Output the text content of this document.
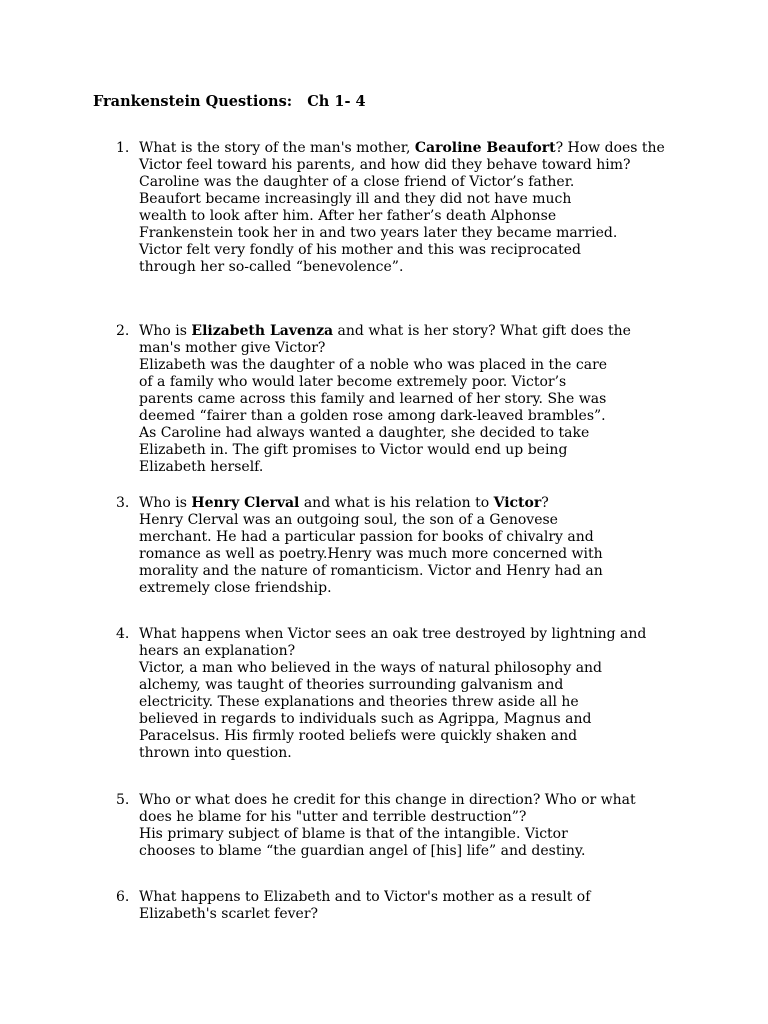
Frankenstein Questions:   Ch 1- 4
1. What is the story of the man's mother, Caroline Beaufort? How does the Victor feel toward his parents, and how did they behave toward him?
Caroline was the daughter of a close friend of Victor’s father.
Beaufort became increasingly ill and they did not have much
wealth to look after him. After her father’s death Alphonse
Frankenstein took her in and two years later they became married.
Victor felt very fondly of his mother and this was reciprocated
through her so-called “benevolence”.
2. Who is Elizabeth Lavenza and what is her story? What gift does the man's mother give Victor?
Elizabeth was the daughter of a noble who was placed in the care
of a family who would later become extremely poor. Victor’s
parents came across this family and learned of her story. She was
deemed “fairer than a golden rose among dark-leaved brambles”.
As Caroline had always wanted a daughter, she decided to take
Elizabeth in. The gift promises to Victor would end up being
Elizabeth herself.
3. Who is Henry Clerval and what is his relation to Victor?
Henry Clerval was an outgoing soul, the son of a Genovese
merchant. He had a particular passion for books of chivalry and
romance as well as poetry.Henry was much more concerned with
morality and the nature of romanticism. Victor and Henry had an
extremely close friendship.
4. What happens when Victor sees an oak tree destroyed by lightning and hears an explanation?
Victor, a man who believed in the ways of natural philosophy and
alchemy, was taught of theories surrounding galvanism and
electricity. These explanations and theories threw aside all he
believed in regards to individuals such as Agrippa, Magnus and
Paracelsus. His firmly rooted beliefs were quickly shaken and
thrown into question.
5. Who or what does he credit for this change in direction? Who or what does he blame for his "utter and terrible destruction”?
His primary subject of blame is that of the intangible. Victor
chooses to blame “the guardian angel of [his] life” and destiny.
6. What happens to Elizabeth and to Victor's mother as a result of Elizabeth's scarlet fever?
